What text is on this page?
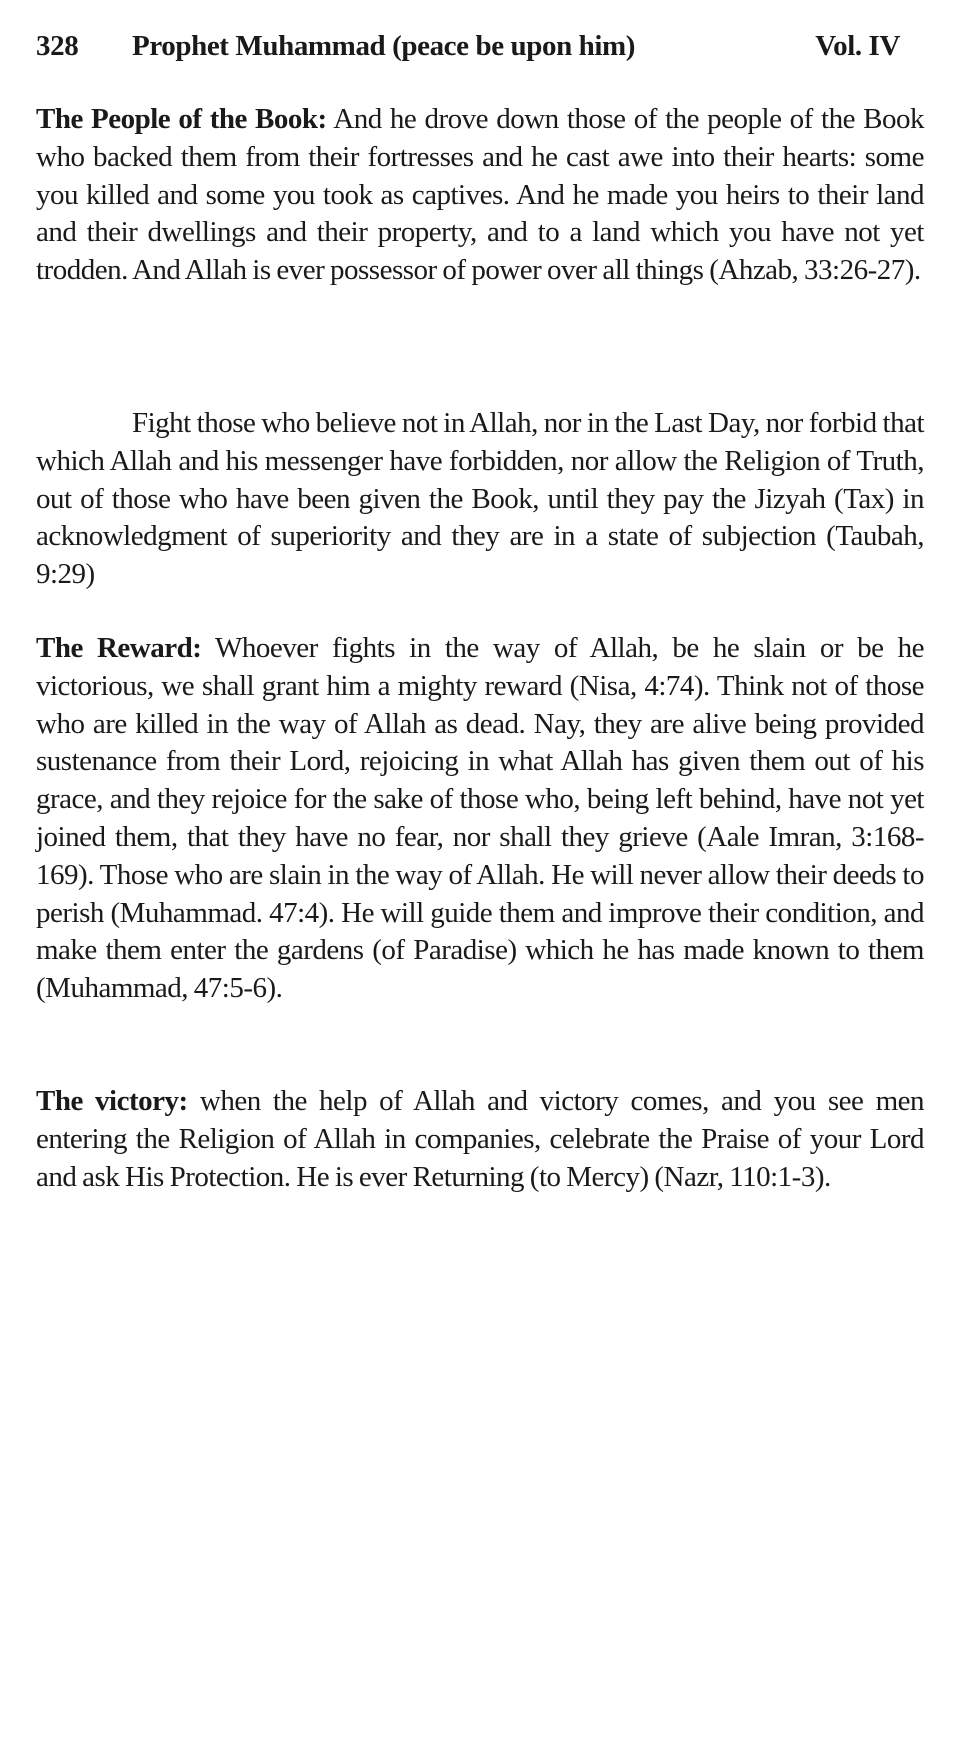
328 Prophet Muhammad (peace be upon him)	Vol. IV

The People of the Book: And he drove down those of the people of the Book who backed them from their fortresses and he cast awe into their hearts: some you killed and some you took as captives. And he made you heirs to their land and their dwellings and their property, and to a land which you have not yet trodden. And Allah is ever possessor of power over all things (Ahzab, 33:26-27).

Fight those who believe not in Allah, nor in the Last Day, nor forbid that which Allah and his messenger have forbidden, nor allow the Religion of Truth, out of those who have been given the Book, until they pay the Jizyah (Tax) in acknowledgment of superiority and they are in a state of subjection (Taubah, 9:29)

The Reward: Whoever fights in the way of Allah, be he slain or be he victorious, we shall grant him a mighty reward (Nisa, 4:74). Think not of those who are killed in the way of Allah as dead. Nay, they are alive being provided sustenance from their Lord, rejoicing in what Allah has given them out of his grace, and they rejoice for the sake of those who, being left behind, have not yet joined them, that they have no fear, nor shall they grieve (Aale Imran, 3:168-169). Those who are slain in the way of Allah. He will never allow their deeds to perish (Muhammad. 47:4). He will guide them and improve their condition, and make them enter the gardens (of Paradise) which he has made known to them (Muhammad, 47:5-6).

The victory: when the help of Allah and victory comes, and you see men entering the Religion of Allah in companies, celebrate the Praise of your Lord and ask His Protection. He is ever Returning (to Mercy) (Nazr, 110:1-3).
